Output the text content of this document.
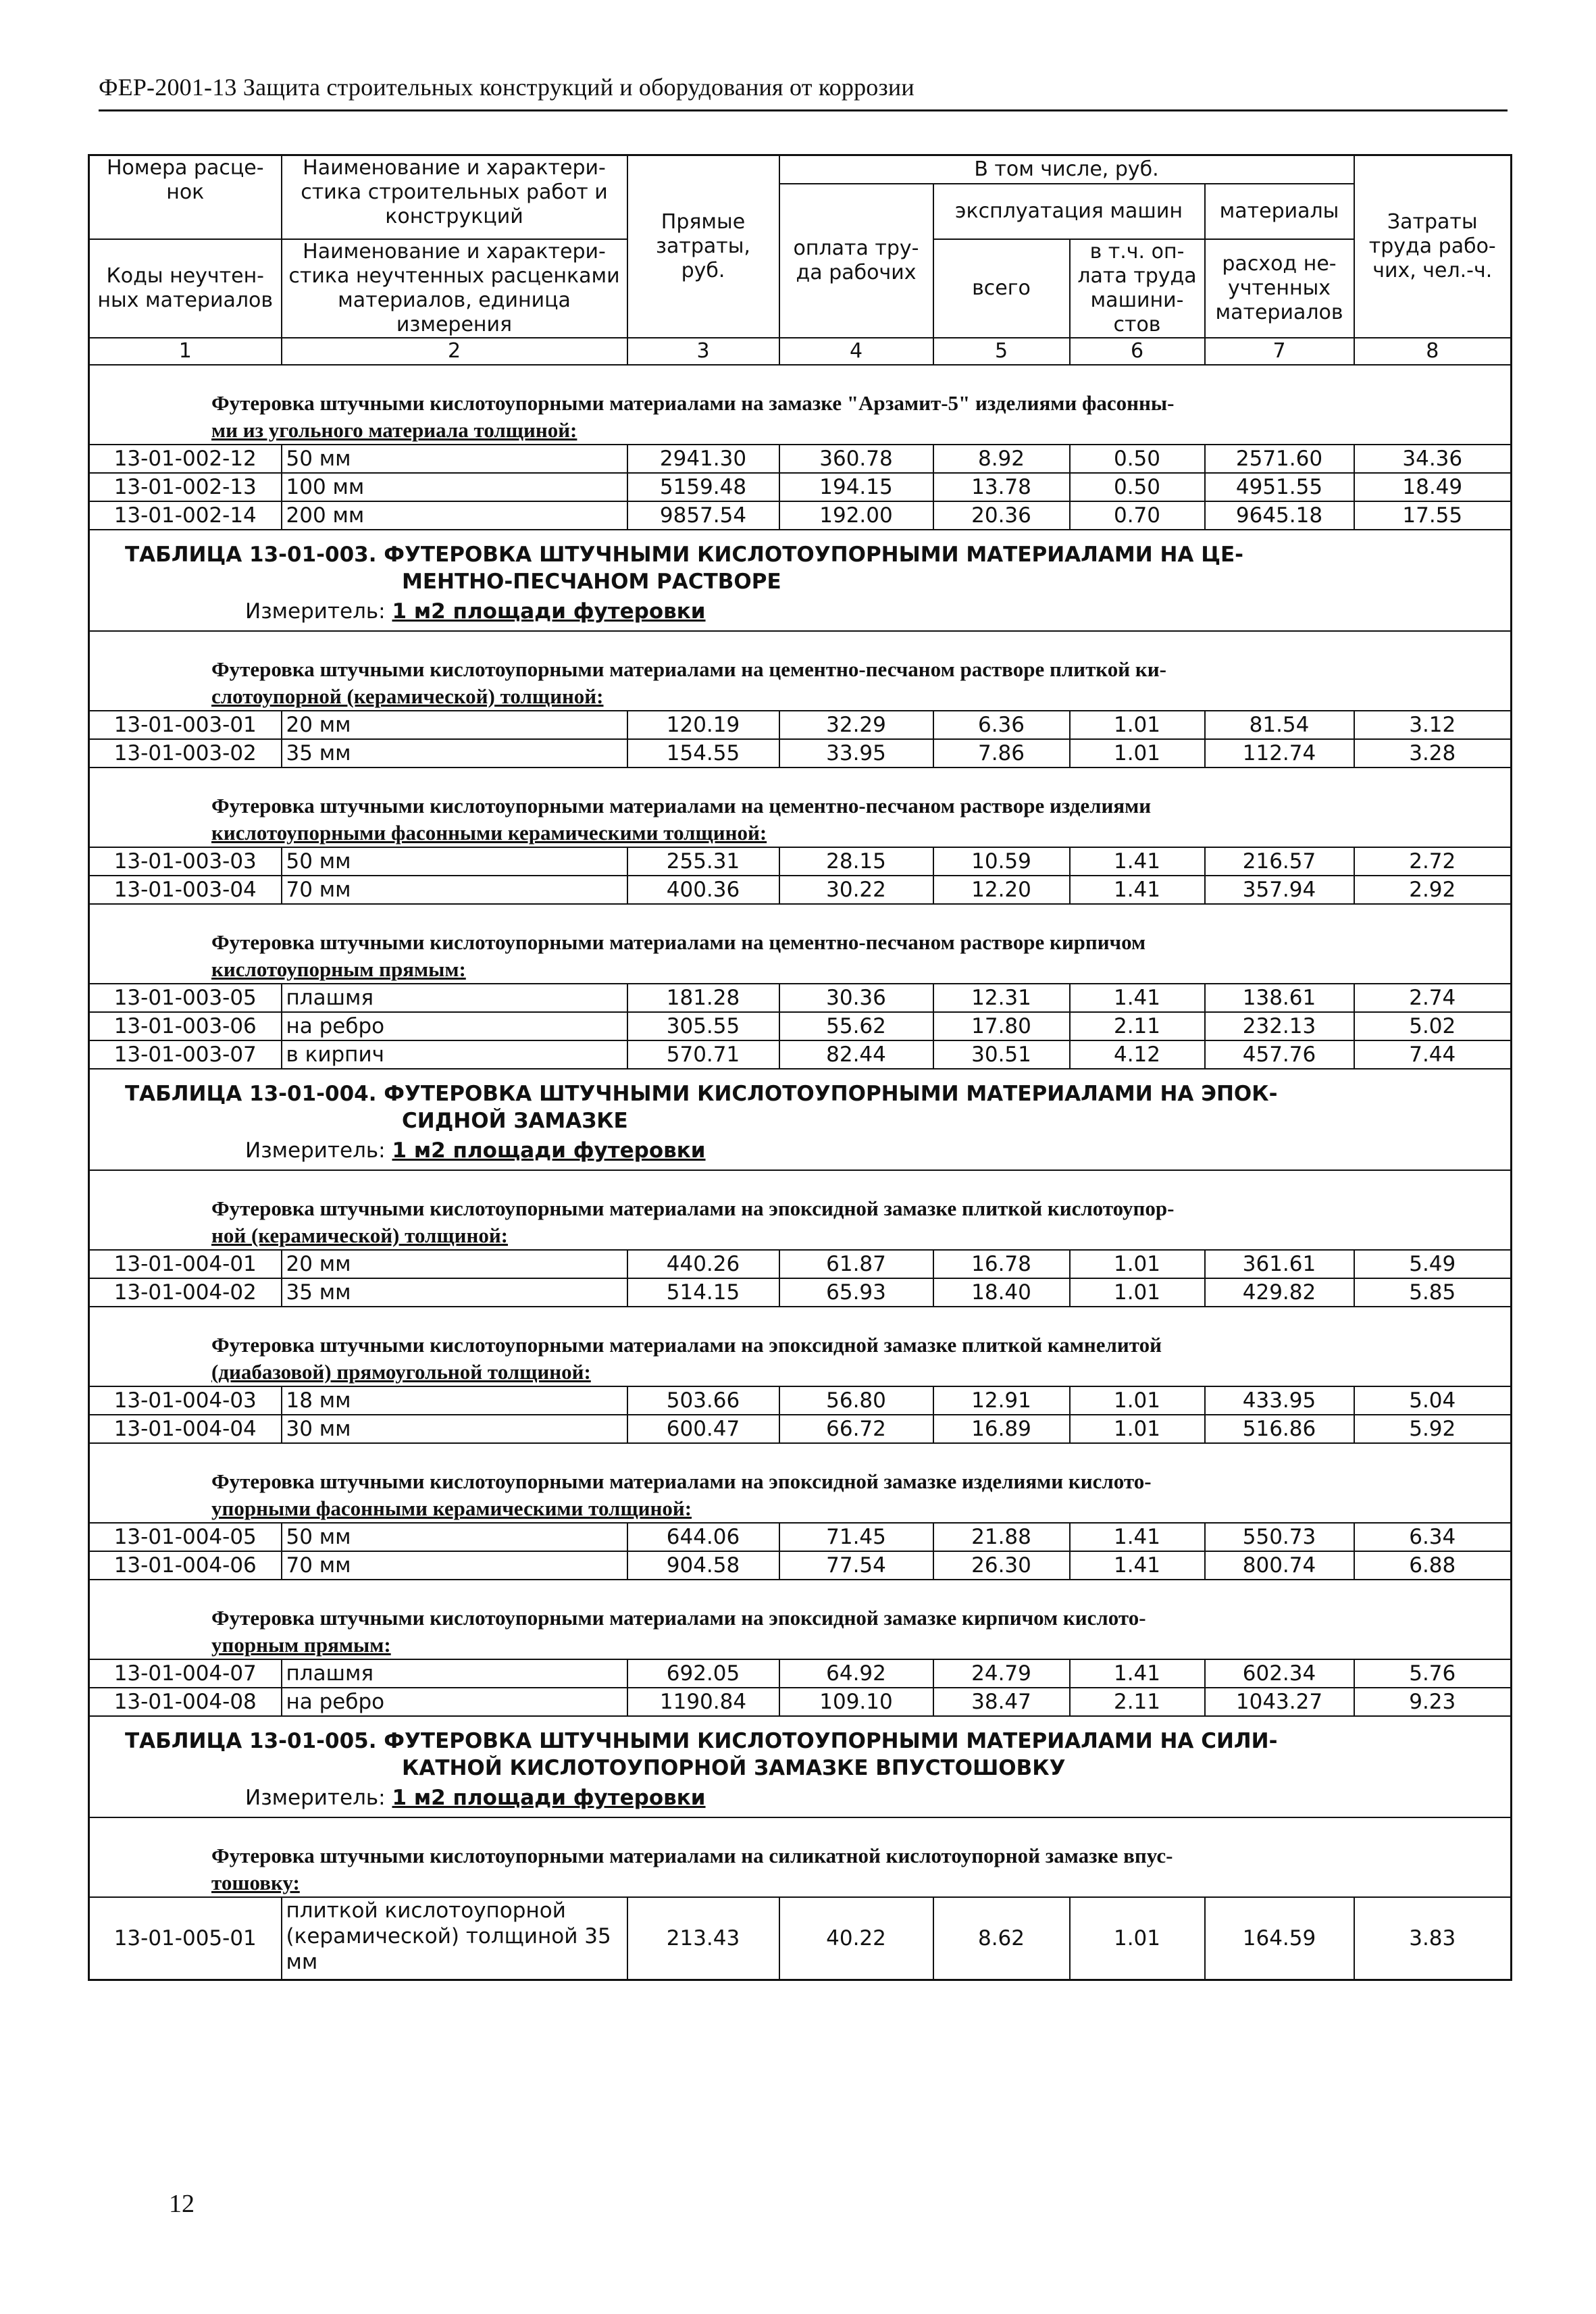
ФЕР-2001-13 Защита строительных конструкций и оборудования от коррозии
Номера расце-нок	Наименование и характери-стика строительных работ и конструкций	Прямые затраты, руб.	В том числе, руб.				Затраты труда рабо-чих, чел.-ч.
			оплата тру-да рабочих	эксплуатация машин		материалы	
Коды неучтен-ных материалов	Наименование и характери-стика неучтенных расценками материалов, единица измерения			всего	в т.ч. оп-лата труда машини-стов	расход не-учтенных материалов	

1	2	3	4	5	6	7	8
Футеровка штучными кислотоупорными материалами на замазке "Арзамит-5" изделиями фасонны-
ми из угольного материала толщиной:							
13-01-002-12	50 мм	2941.30	360.78	8.92	0.50	2571.60	34.36
13-01-002-13	100 мм	5159.48	194.15	13.78	0.50	4951.55	18.49
13-01-002-14	200 мм	9857.54	192.00	20.36	0.70	9645.18	17.55
ТАБЛИЦА 13-01-003. ФУТЕРОВКА ШТУЧНЫМИ КИСЛОТОУПОРНЫМИ МАТЕРИАЛАМИ НА ЦЕ-
МЕНТНО-ПЕСЧАНОМ РАСТВОРЕ							
Измеритель: 1 м2 площади футеровки							
Футеровка штучными кислотоупорными материалами на цементно-песчаном растворе плиткой ки-
слотоупорной (керамической) толщиной:							
13-01-003-01	20 мм	120.19	32.29	6.36	1.01	81.54	3.12
13-01-003-02	35 мм	154.55	33.95	7.86	1.01	112.74	3.28
Футеровка штучными кислотоупорными материалами на цементно-песчаном растворе изделиями
кислотоупорными фасонными керамическими толщиной:							
13-01-003-03	50 мм	255.31	28.15	10.59	1.41	216.57	2.72
13-01-003-04	70 мм	400.36	30.22	12.20	1.41	357.94	2.92
Футеровка штучными кислотоупорными материалами на цементно-песчаном растворе кирпичом
кислотоупорным прямым:							
13-01-003-05	плашмя	181.28	30.36	12.31	1.41	138.61	2.74
13-01-003-06	на ребро	305.55	55.62	17.80	2.11	232.13	5.02
13-01-003-07	в кирпич	570.71	82.44	30.51	4.12	457.76	7.44
ТАБЛИЦА 13-01-004. ФУТЕРОВКА ШТУЧНЫМИ КИСЛОТОУПОРНЫМИ МАТЕРИАЛАМИ НА ЭПОК-
СИДНОЙ ЗАМАЗКЕ							
Измеритель: 1 м2 площади футеровки							
Футеровка штучными кислотоупорными материалами на эпоксидной замазке плиткой кислотоупор-
ной (керамической) толщиной:							
13-01-004-01	20 мм	440.26	61.87	16.78	1.01	361.61	5.49
13-01-004-02	35 мм	514.15	65.93	18.40	1.01	429.82	5.85
Футеровка штучными кислотоупорными материалами на эпоксидной замазке плиткой камнелитой
(диабазовой) прямоугольной толщиной:							
13-01-004-03	18 мм	503.66	56.80	12.91	1.01	433.95	5.04
13-01-004-04	30 мм	600.47	66.72	16.89	1.01	516.86	5.92
Футеровка штучными кислотоупорными материалами на эпоксидной замазке изделиями кислото-
упорными фасонными керамическими толщиной:							
13-01-004-05	50 мм	644.06	71.45	21.88	1.41	550.73	6.34
13-01-004-06	70 мм	904.58	77.54	26.30	1.41	800.74	6.88
Футеровка штучными кислотоупорными материалами на эпоксидной замазке кирпичом кислото-
упорным прямым:							
13-01-004-07	плашмя	692.05	64.92	24.79	1.41	602.34	5.76
13-01-004-08	на ребро	1190.84	109.10	38.47	2.11	1043.27	9.23
ТАБЛИЦА 13-01-005. ФУТЕРОВКА ШТУЧНЫМИ КИСЛОТОУПОРНЫМИ МАТЕРИАЛАМИ НА СИЛИ-
КАТНОЙ КИСЛОТОУПОРНОЙ ЗАМАЗКЕ ВПУСТОШОВКУ							
Измеритель: 1 м2 площади футеровки							
Футеровка штучными кислотоупорными материалами на силикатной кислотоупорной замазке впус-
тошовку:							
13-01-005-01	плиткой кислотоупорной (керамической) толщиной 35 мм	213.43	40.22	8.62	1.01	164.59	3.83
12
